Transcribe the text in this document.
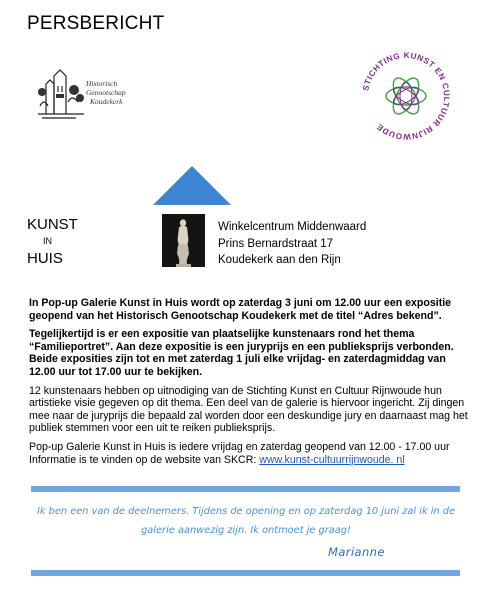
PERSBERICHT
Historisch
Genootschap
Koudekerk
STICHTING KUNST EN CULTUUR RIJNWOUDE
KUNST
IN
HUIS
Winkelcentrum Middenwaard
Prins Bernardstraat 17
Koudekerk aan den Rijn

In Pop-up Galerie Kunst in Huis wordt op zaterdag 3 juni om 12.00 uur een expositie geopend van het Historisch Genootschap Koudekerk met de titel “Adres bekend”.

Tegelijkertijd is er een expositie van plaatselijke kunstenaars rond het thema “Familieportret”. Aan deze expositie is een juryprijs en een publieksprijs verbonden. Beide exposities zijn tot en met zaterdag 1 juli elke vrijdag- en zaterdagmiddag van 12.00 uur tot 17.00 uur te bekijken.

12 kunstenaars hebben op uitnodiging van de Stichting Kunst en Cultuur Rijnwoude hun artistieke visie gegeven op dit thema. Een deel van de galerie is hiervoor ingericht. Zij dingen mee naar de juryprijs die bepaald zal worden door een deskundige jury en daarnaast mag het publiek stemmen voor een uit te reiken publieksprijs.

Pop-up Galerie Kunst in Huis is iedere vrijdag en zaterdag geopend van 12.00 - 17.00 uur
Informatie is te vinden op de website van SKCR: www.kunst-cultuurrijnwoude. nl

Ik ben een van de deelnemers. Tijdens de opening en op zaterdag 10 juni zal ik in de
galerie aanwezig zijn. Ik ontmoet je graag!
Marianne
